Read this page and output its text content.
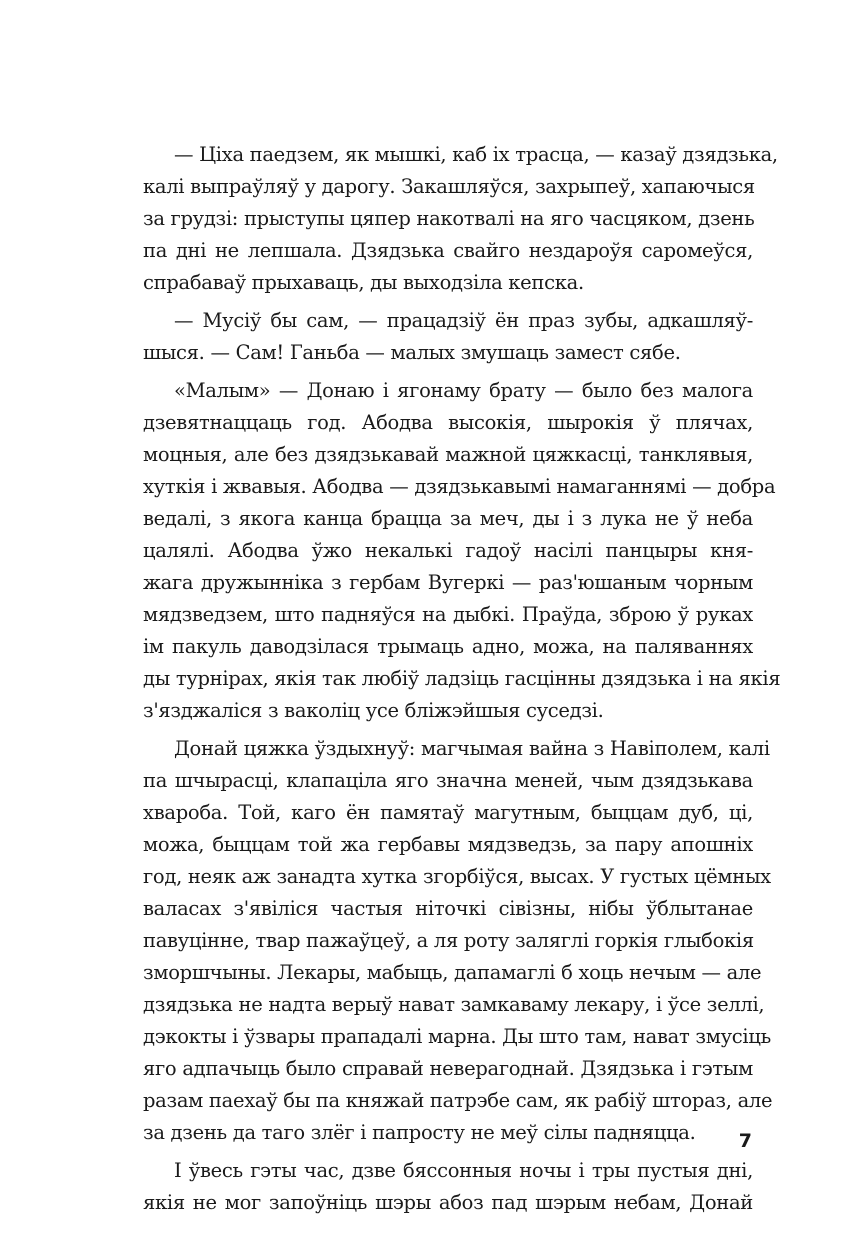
— Ціха паедзем, як мышкі, каб іх трасца, — казаў дзядзька,
калі выпраўляў у дарогу. Закашляўся, захрыпеў, хапаючыся
за грудзі: прыступы цяпер накотвалі на яго часцяком, дзень
па дні не лепшала. Дзядзька свайго нездароўя саромеўся,
спрабаваў прыхаваць, ды выходзіла кепска.
— Мусіў бы сам, — працадзіў ён праз зубы, адкашляў-
шыся. — Сам! Ганьба — малых змушаць замест сябе.
«Малым» — Донаю і ягонаму брату — было без малога
дзевятнаццаць год. Абодва высокія, шырокія ў плячах,
моцныя, але без дзядзькавай мажной цяжкасці, танклявыя,
хуткія і жвавыя. Абодва — дзядзькавымі намаганнямі — добра
ведалі, з якога канца брацца за меч, ды і з лука не ў неба
цалялі. Абодва ўжо некалькі гадоў насілі панцыры кня-
жага дружынніка з гербам Вугеркі — раз'юшаным чорным
мядзведзем, што падняўся на дыбкі. Праўда, зброю ў руках
ім пакуль даводзілася трымаць адно, можа, на паляваннях
ды турнірах, якія так любіў ладзіць гасцінны дзядзька і на якія
з'язджаліся з ваколіц усе бліжэйшыя суседзі.
Донай цяжка ўздыхнуў: магчымая вайна з Навіполем, калі
па шчырасці, клапаціла яго значна меней, чым дзядзькава
хвароба. Той, каго ён памятаў магутным, быццам дуб, ці,
можа, быццам той жа гербавы мядзведзь, за пару апошніх
год, неяк аж занадта хутка згорбіўся, высах. У густых цёмных
валасах з'явіліся частыя ніточкі сівізны, нібы ўблытанае
павуцінне, твар пажаўцеў, а ля роту заляглі горкія глыбокія
зморшчыны. Лекары, мабыць, дапамаглі б хоць нечым — але
дзядзька не надта верыў нават замкаваму лекару, і ўсе зеллі,
дэкокты і ўзвары прападалі марна. Ды што там, нават змусіць
яго адпачыць было справай неверагоднай. Дзядзька і гэтым
разам паехаў бы па княжай патрэбе сам, як рабіў штораз, але
за дзень да таго злёг і папросту не меў сілы падняцца.
І ўвесь гэты час, дзве бяссонныя ночы і тры пустыя дні,
якія не мог запоўніць шэры абоз пад шэрым небам, Донай
7
